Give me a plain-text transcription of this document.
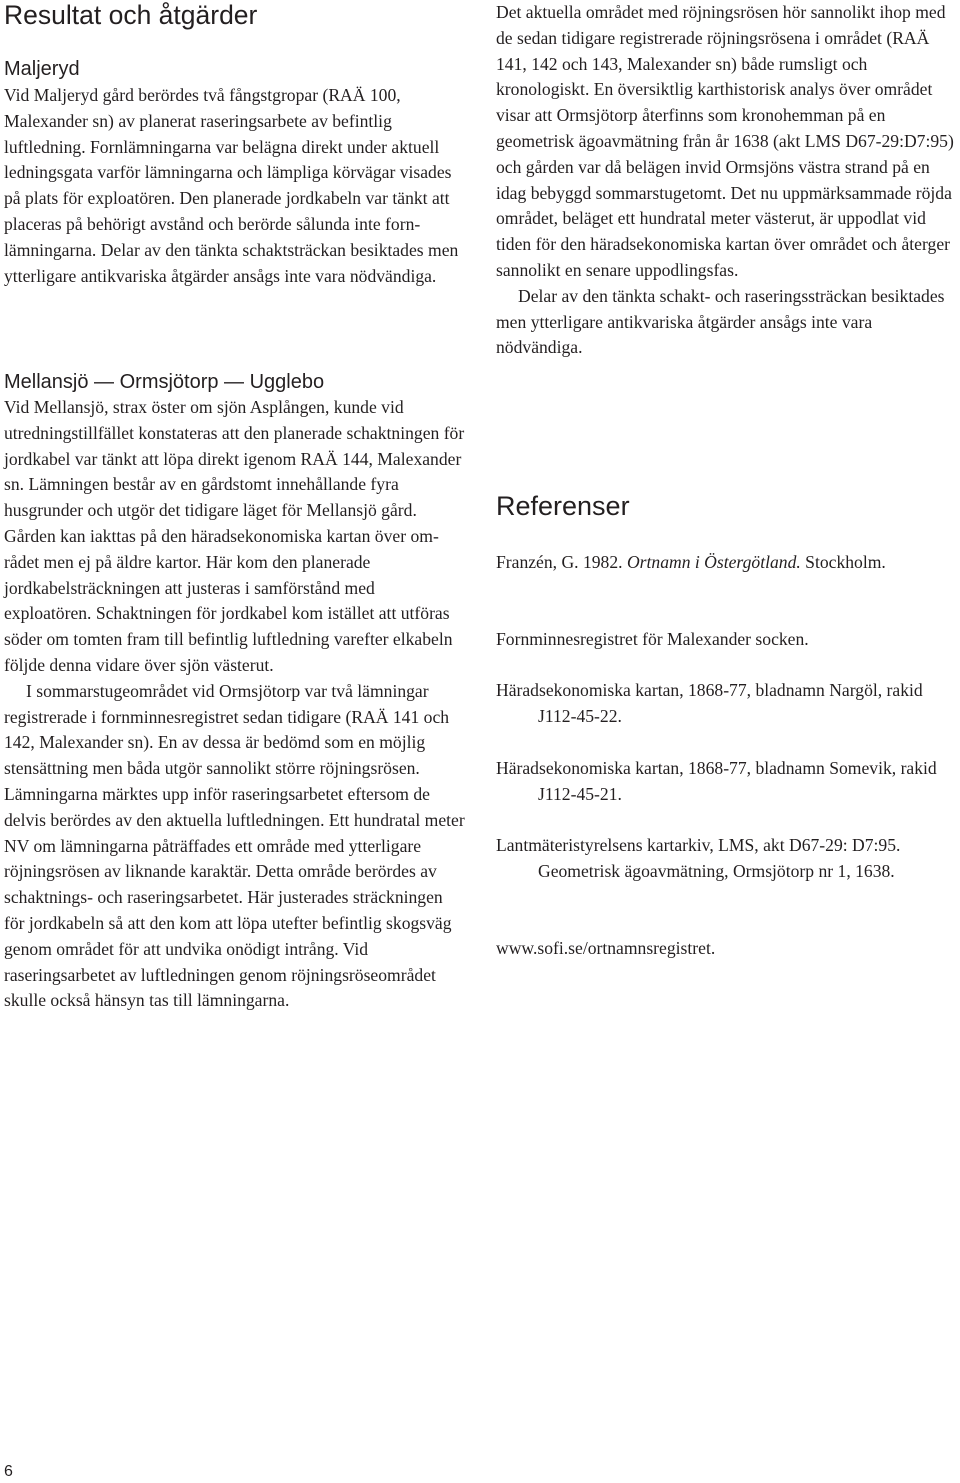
Resultat och åtgärder
Maljeryd

Vid Maljeryd gård berördes två fångstgropar (RAÄ 100, Malexander sn) av planerat raseringsarbete av befintlig luftledning. Fornlämningarna var belägna direkt under aktuell ledningsgata varför lämningarna och lämpliga körvägar visades på plats för exploatören. Den planerade jordkabeln var tänkt att placeras på behörigt avstånd och berörde sålunda inte fornlämningarna. Delar av den tänkta schaktsträckan besiktades men ytterligare antikvariska åtgärder ansågs inte vara nödvändiga.

Mellansjö — Ormsjötorp — Ugglebo

Vid Mellansjö, strax öster om sjön Asplången, kunde vid utredningstillfället konstateras att den planerade schaktningen för jordkabel var tänkt att löpa direkt igenom RAÄ 144, Malexander sn. Lämningen består av en gårdstomt innehållande fyra husgrunder och utgör det tidigare läget för Mellansjö gård. Gården kan iakttas på den häradsekonomiska kartan över området men ej på äldre kartor. Här kom den planerade jordkabelsträckningen att justeras i samförstånd med exploatören. Schaktningen för jordkabel kom istället att utföras söder om tomten fram till befintlig luftledning varefter elkabeln följde denna vidare över sjön västerut.

I sommarstugeområdet vid Ormsjötorp var två lämningar registrerade i fornminnesregistret sedan tidigare (RAÄ 141 och 142, Malexander sn). En av dessa är bedömd som en möjlig stensättning men båda utgör sannolikt större röjningsrösen. Lämningarna märktes upp inför raseringsarbetet eftersom de delvis berördes av den aktuella luftledningen. Ett hundratal meter NV om lämningarna påträffades ett område med ytterligare röjningsrösen av liknande karaktär. Detta område berördes av schaktnings- och raseringsarbetet. Här justerades sträckningen för jordkabeln så att den kom att löpa utefter befintlig skogsväg genom området för att undvika onödigt intrång. Vid raseringsarbetet av luftledningen genom röjningsröseområdet skulle också hänsyn tas till lämningarna.

Det aktuella området med röjningsrösen hör sannolikt ihop med de sedan tidigare registrerade röjningsrösena i området (RAÄ 141, 142 och 143, Malexander sn) både rumsligt och kronologiskt. En översiktlig karthistorisk analys över området visar att Ormsjötorp återfinns som kronohemman på en geometrisk ägoavmätning från år 1638 (akt LMS D67-29:D7:95) och gården var då belägen invid Ormsjöns västra strand på en idag bebyggd sommarstugetomt. Det nu uppmärksammade röjda området, beläget ett hundratal meter västerut, är uppodlat vid tiden för den häradsekonomiska kartan över området och återger sannolikt en senare uppodlingsfas.

Delar av den tänkta schakt- och raseringssträckan besiktades men ytterligare antikvariska åtgärder ansågs inte vara nödvändiga.

Referenser

Franzén, G. 1982. Ortnamn i Östergötland. Stockholm.

Fornminnesregistret för Malexander socken.

Häradsekonomiska kartan, 1868-77, bladnamn Nargöl, rakid J112-45-22.

Häradsekonomiska kartan, 1868-77, bladnamn Somevik, rakid J112-45-21.

Lantmäteristyrelsens kartarkiv, LMS, akt D67-29: D7:95. Geometrisk ägoavmätning, Ormsjötorp nr 1, 1638.

www.sofi.se/ortnamnsregistret.

6
